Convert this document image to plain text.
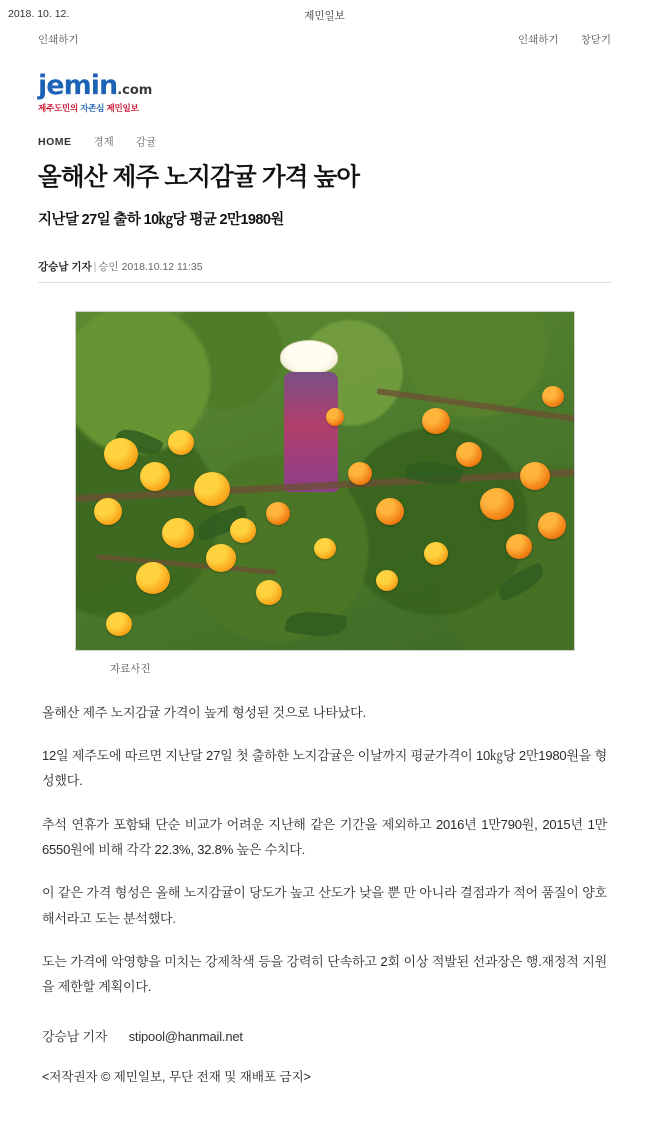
2018. 10. 12.	제민일보
인쇄하기	인쇄하기 창닫기
jemin.com
제주도민의 자존심 제민일보
HOME 경제 감귤
올해산 제주 노지감귤 가격 높아
지난달 27일 출하 10㎏당 평균 2만1980원
강승남 기자 | 승인 2018.10.12 11:35
자료사진

올해산 제주 노지감귤 가격이 높게 형성된 것으로 나타났다.

12일 제주도에 따르면 지난달 27일 첫 출하한 노지감귤은 이날까지 평균가격이 10㎏당 2만1980원을 형성했다.

추석 연휴가 포함돼 단순 비교가 어려운 지난해 같은 기간을 제외하고 2016년 1만790원, 2015년 1만6550원에 비해 각각 22.3%, 32.8% 높은 수치다.

이 같은 가격 형성은 올해 노지감귤이 당도가 높고 산도가 낮을 뿐 만 아니라 결점과가 적어 품질이 양호해서라고 도는 분석했다.

도는 가격에 악영향을 미치는 강제착색 등을 강력히 단속하고 2회 이상 적발된 선과장은 행.재정적 지원을 제한할 계획이다.

강승남 기자 stipool@hanmail.net

<저작권자 © 제민일보, 무단 전재 및 재배포 금지>
